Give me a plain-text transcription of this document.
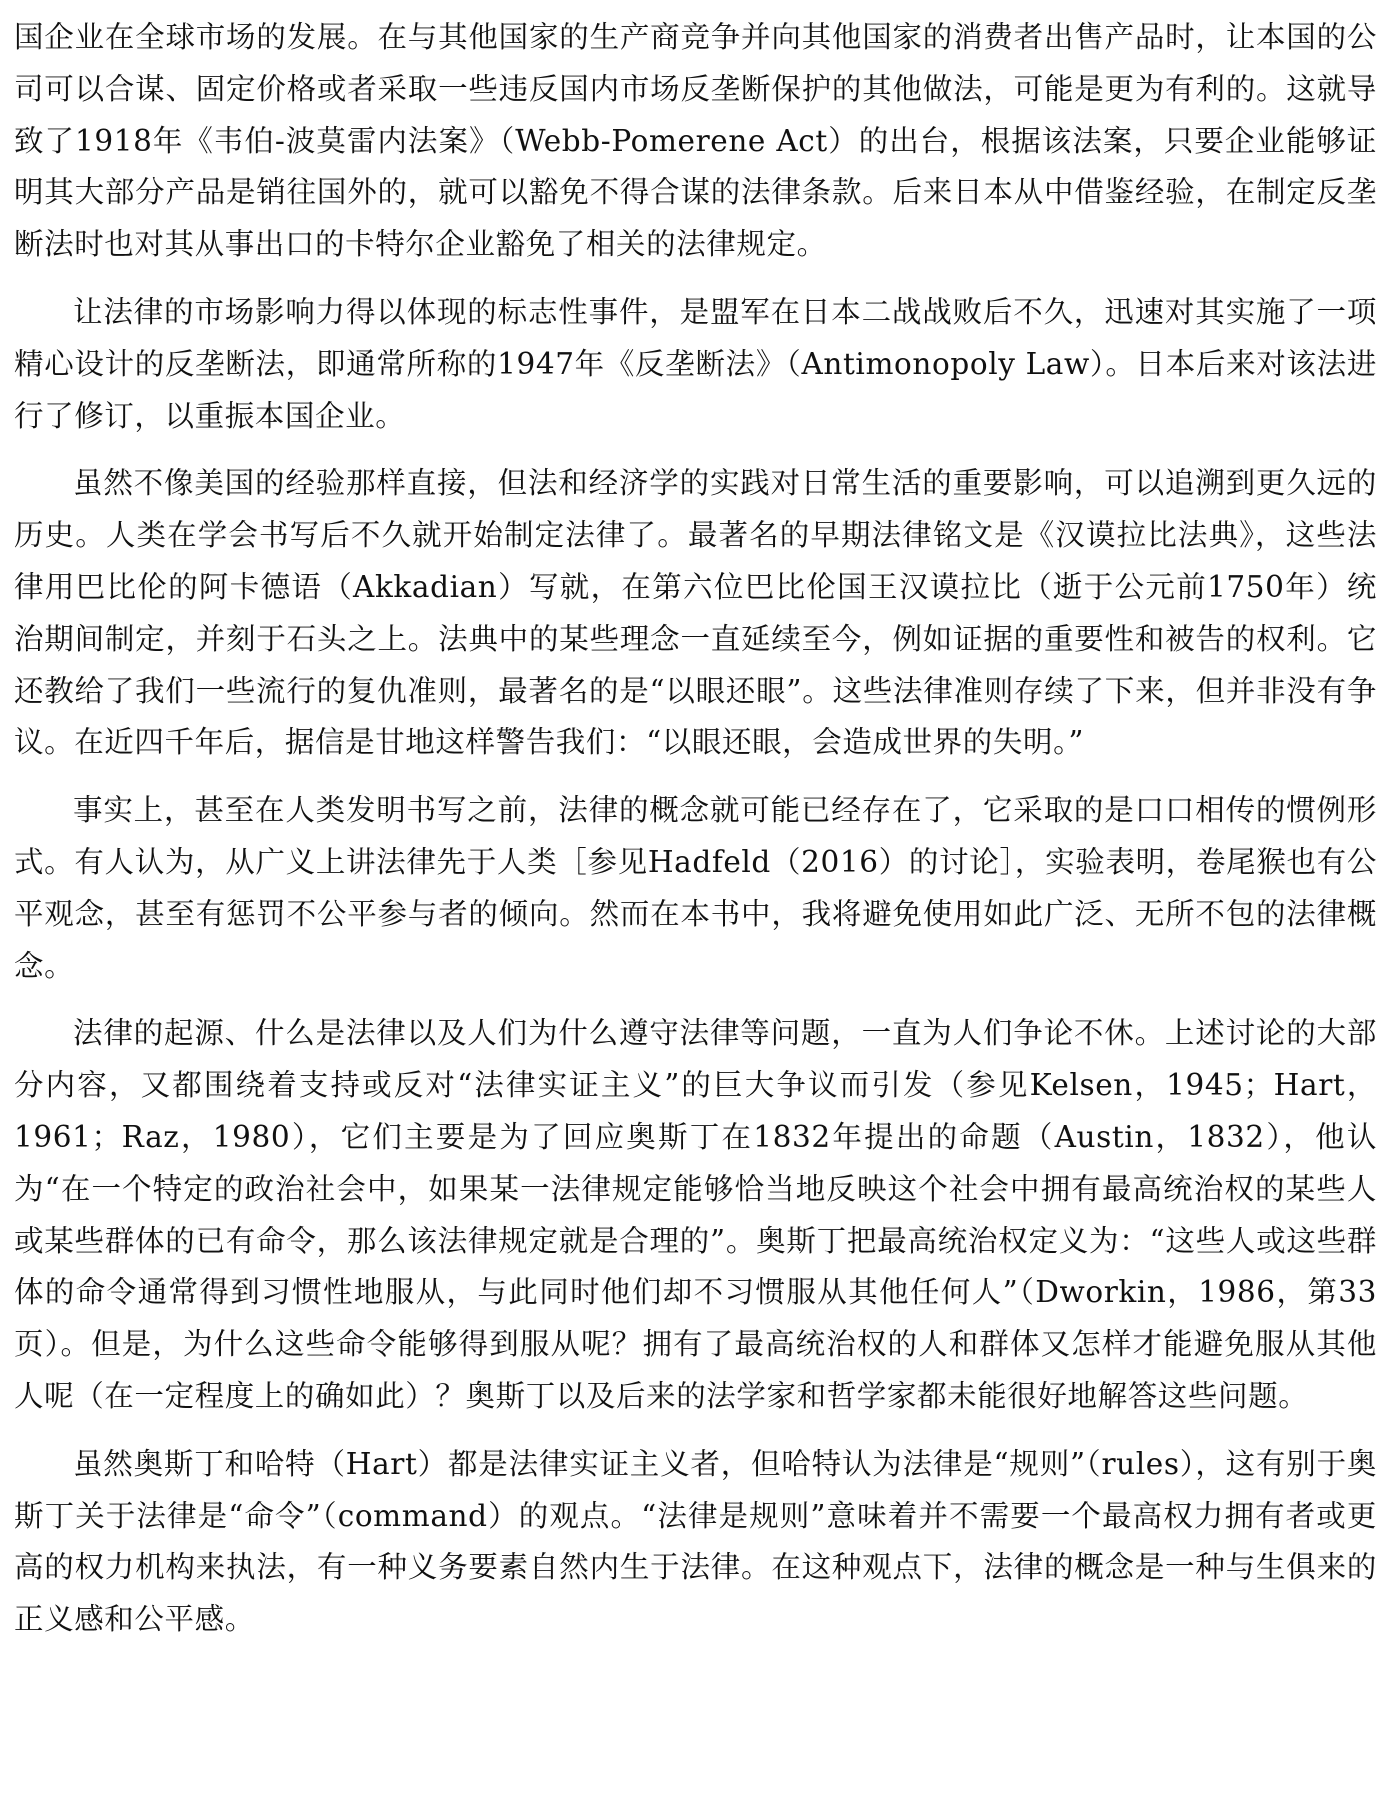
国企业在全球市场的发展。在与其他国家的生产商竞争并向其他国家的消费者出售产品时，让本国的公司可以合谋、固定价格或者采取一些违反国内市场反垄断保护的其他做法，可能是更为有利的。这就导致了1918年《韦伯-波莫雷内法案》（Webb-Pomerene Act）的出台，根据该法案，只要企业能够证明其大部分产品是销往国外的，就可以豁免不得合谋的法律条款。后来日本从中借鉴经验，在制定反垄断法时也对其从事出口的卡特尔企业豁免了相关的法律规定。

让法律的市场影响力得以体现的标志性事件，是盟军在日本二战战败后不久，迅速对其实施了一项精心设计的反垄断法，即通常所称的1947年《反垄断法》（Antimonopoly Law）。日本后来对该法进行了修订，以重振本国企业。

虽然不像美国的经验那样直接，但法和经济学的实践对日常生活的重要影响，可以追溯到更久远的历史。人类在学会书写后不久就开始制定法律了。最著名的早期法律铭文是《汉谟拉比法典》，这些法律用巴比伦的阿卡德语（Akkadian）写就，在第六位巴比伦国王汉谟拉比（逝于公元前1750年）统治期间制定，并刻于石头之上。法典中的某些理念一直延续至今，例如证据的重要性和被告的权利。它还教给了我们一些流行的复仇准则，最著名的是“以眼还眼”。这些法律准则存续了下来，但并非没有争议。在近四千年后，据信是甘地这样警告我们：“以眼还眼，会造成世界的失明。”

事实上，甚至在人类发明书写之前，法律的概念就可能已经存在了，它采取的是口口相传的惯例形式。有人认为，从广义上讲法律先于人类［参见Hadfeld（2016）的讨论］，实验表明，卷尾猴也有公平观念，甚至有惩罚不公平参与者的倾向。然而在本书中，我将避免使用如此广泛、无所不包的法律概念。

法律的起源、什么是法律以及人们为什么遵守法律等问题，一直为人们争论不休。上述讨论的大部分内容，又都围绕着支持或反对“法律实证主义”的巨大争议而引发（参见Kelsen，1945；Hart，1961；Raz，1980），它们主要是为了回应奥斯丁在1832年提出的命题（Austin，1832），他认为“在一个特定的政治社会中，如果某一法律规定能够恰当地反映这个社会中拥有最高统治权的某些人或某些群体的已有命令，那么该法律规定就是合理的”。奥斯丁把最高统治权定义为：“这些人或这些群体的命令通常得到习惯性地服从，与此同时他们却不习惯服从其他任何人”（Dworkin，1986，第33页）。但是，为什么这些命令能够得到服从呢？拥有了最高统治权的人和群体又怎样才能避免服从其他人呢（在一定程度上的确如此）？奥斯丁以及后来的法学家和哲学家都未能很好地解答这些问题。

虽然奥斯丁和哈特（Hart）都是法律实证主义者，但哈特认为法律是“规则”（rules），这有别于奥斯丁关于法律是“命令”（command）的观点。“法律是规则”意味着并不需要一个最高权力拥有者或更高的权力机构来执法，有一种义务要素自然内生于法律。在这种观点下，法律的概念是一种与生俱来的正义感和公平感。
